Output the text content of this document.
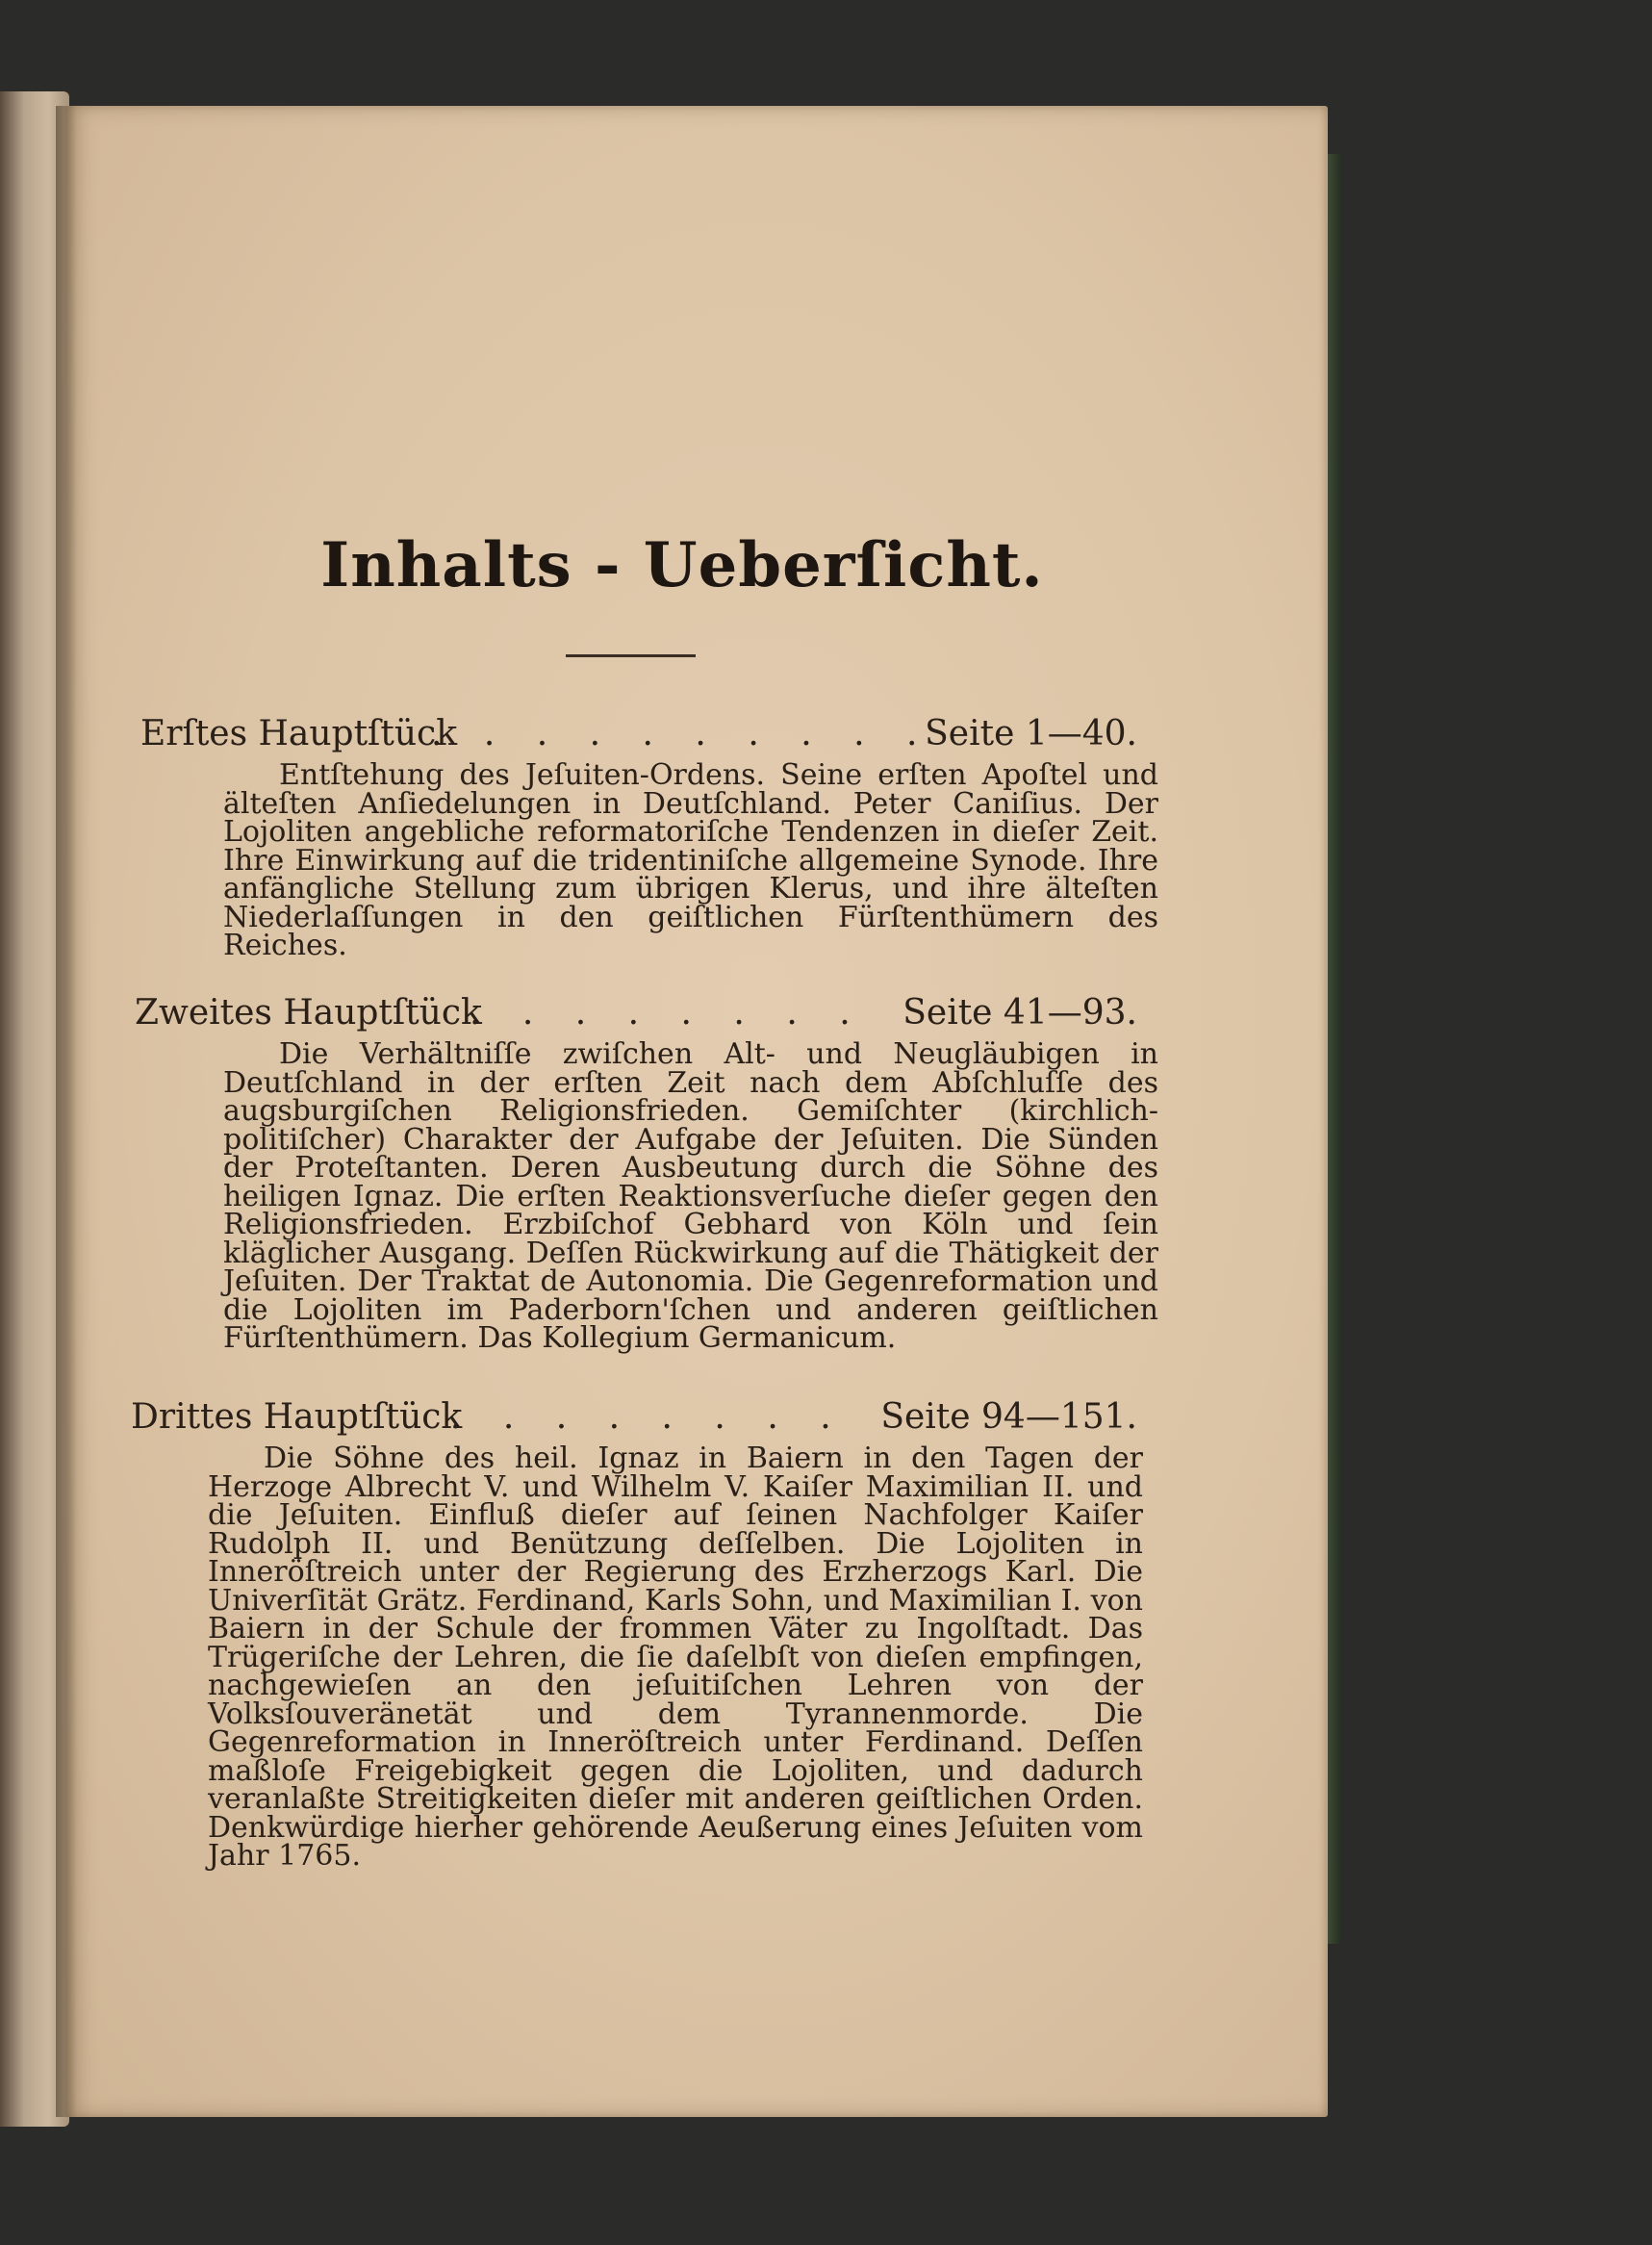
Inhalts - Ueberſicht.
Erſtes Hauptſtück
. . . . . . . . . .
Seite 1—40.
Entſtehung des Jeſuiten-Ordens. Seine erſten Apoſtel und älteſten Anſiedelungen in Deutſchland. Peter Caniſius. Der Lojoliten angebliche reformatoriſche Tendenzen in dieſer Zeit. Ihre Einwirkung auf die tridentiniſche allgemeine Synode. Ihre anfängliche Stellung zum übrigen Klerus, und ihre älteſten Niederlaſſungen in den geiſtlichen Fürſtenthümern des Reiches.
Zweites Hauptſtück
. . . . . . . . Seite 41—93.
Die Verhältniſſe zwiſchen Alt- und Neugläubigen in Deutſchland in der erſten Zeit nach dem Abſchluſſe des augsburgiſchen Religionsfrieden. Gemiſchter (kirchlich-politiſcher) Charakter der Aufgabe der Jeſuiten. Die Sünden der Proteſtanten. Deren Ausbeutung durch die Söhne des heiligen Ignaz. Die erſten Reaktionsverſuche dieſer gegen den Religionsfrieden. Erzbiſchof Gebhard von Köln und ſein kläglicher Ausgang. Deſſen Rückwirkung auf die Thätigkeit der Jeſuiten. Der Traktat de Autonomia. Die Gegenreformation und die Lojoliten im Paderborn'ſchen und anderen geiſtlichen Fürſtenthümern. Das Kollegium Germanicum.
Drittes Hauptſtück
. . . . . . . . Seite 94—151.
Die Söhne des heil. Ignaz in Baiern in den Tagen der Herzoge Albrecht V. und Wilhelm V. Kaiſer Maximilian II. und die Jeſuiten. Einfluß dieſer auf ſeinen Nachfolger Kaiſer Rudolph II. und Benützung deſſelben. Die Lojoliten in Inneröſtreich unter der Regierung des Erzherzogs Karl. Die Univerſität Grätz. Ferdinand, Karls Sohn, und Maximilian I. von Baiern in der Schule der frommen Väter zu Ingolſtadt. Das Trügeriſche der Lehren, die ſie daſelbſt von dieſen empfingen, nachgewieſen an den jeſuitiſchen Lehren von der Volksſouveränetät und dem Tyrannenmorde. Die Gegenreformation in Inneröſtreich unter Ferdinand. Deſſen maßloſe Freigebigkeit gegen die Lojoliten, und dadurch veranlaßte Streitigkeiten dieſer mit anderen geiſtlichen Orden. Denkwürdige hierher gehörende Aeußerung eines Jeſuiten vom Jahr 1765.
